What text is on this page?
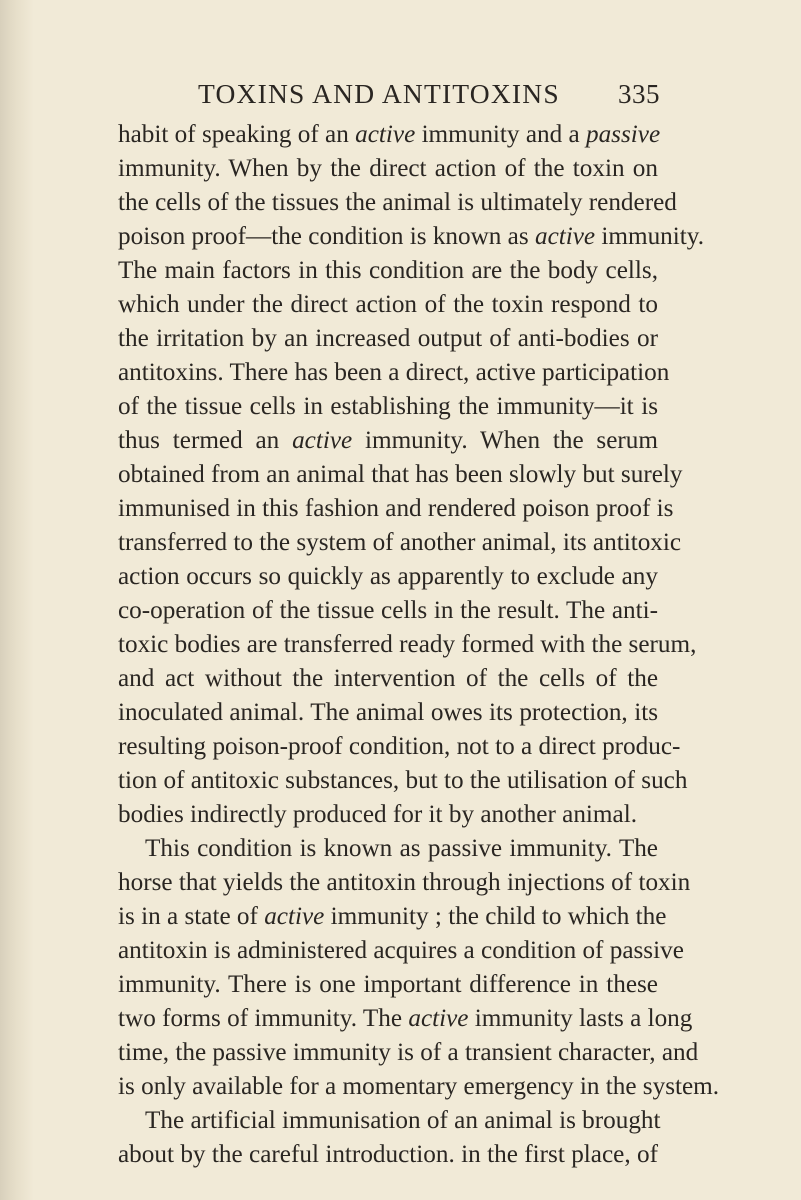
TOXINS AND ANTITOXINS 335
habit of speaking of an active immunity and a passive
immunity. When by the direct action of the toxin on
the cells of the tissues the animal is ultimately rendered
poison proof—the condition is known as active immunity.
The main factors in this condition are the body cells,
which under the direct action of the toxin respond to
the irritation by an increased output of anti-bodies or
antitoxins. There has been a direct, active participation
of the tissue cells in establishing the immunity—it is
thus termed an active immunity. When the serum
obtained from an animal that has been slowly but surely
immunised in this fashion and rendered poison proof is
transferred to the system of another animal, its antitoxic
action occurs so quickly as apparently to exclude any
co-operation of the tissue cells in the result. The anti-
toxic bodies are transferred ready formed with the serum,
and act without the intervention of the cells of the
inoculated animal. The animal owes its protection, its
resulting poison-proof condition, not to a direct produc-
tion of antitoxic substances, but to the utilisation of such
bodies indirectly produced for it by another animal.
This condition is known as passive immunity. The
horse that yields the antitoxin through injections of toxin
is in a state of active immunity ; the child to which the
antitoxin is administered acquires a condition of passive
immunity. There is one important difference in these
two forms of immunity. The active immunity lasts a long
time, the passive immunity is of a transient character, and
is only available for a momentary emergency in the system.
The artificial immunisation of an animal is brought
about by the careful introduction. in the first place, of
